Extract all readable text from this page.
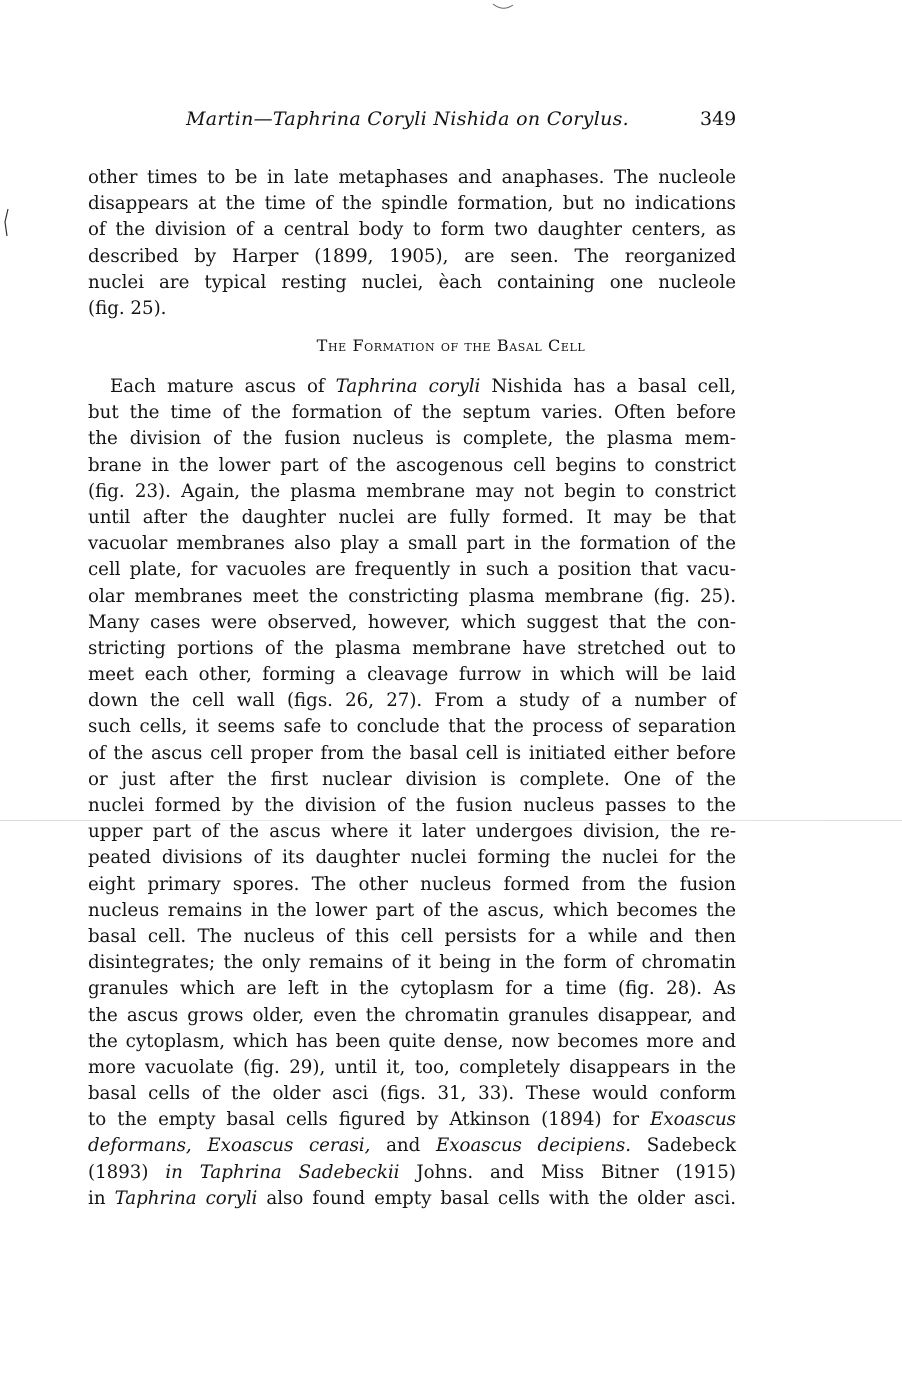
Martin—Taphrina Coryli Nishida on Corylus.	349
other times to be in late metaphases and anaphases. The nucleole
disappears at the time of the spindle formation, but no indications
of the division of a central body to form two daughter centers, as
described by Harper (1899, 1905), are seen. The reorganized
nuclei are typical resting nuclei, èach containing one nucleole
(fig. 25).
The Formation of the Basal Cell
Each mature ascus of Taphrina coryli Nishida has a basal cell,
but the time of the formation of the septum varies. Often before
the division of the fusion nucleus is complete, the plasma mem-
brane in the lower part of the ascogenous cell begins to constrict
(fig. 23). Again, the plasma membrane may not begin to constrict
until after the daughter nuclei are fully formed. It may be that
vacuolar membranes also play a small part in the formation of the
cell plate, for vacuoles are frequently in such a position that vacu-
olar membranes meet the constricting plasma membrane (fig. 25).
Many cases were observed, however, which suggest that the con-
stricting portions of the plasma membrane have stretched out to
meet each other, forming a cleavage furrow in which will be laid
down the cell wall (figs. 26, 27). From a study of a number of
such cells, it seems safe to conclude that the process of separation
of the ascus cell proper from the basal cell is initiated either before
or just after the first nuclear division is complete. One of the
nuclei formed by the division of the fusion nucleus passes to the
upper part of the ascus where it later undergoes division, the re-
peated divisions of its daughter nuclei forming the nuclei for the
eight primary spores. The other nucleus formed from the fusion
nucleus remains in the lower part of the ascus, which becomes the
basal cell. The nucleus of this cell persists for a while and then
disintegrates; the only remains of it being in the form of chromatin
granules which are left in the cytoplasm for a time (fig. 28). As
the ascus grows older, even the chromatin granules disappear, and
the cytoplasm, which has been quite dense, now becomes more and
more vacuolate (fig. 29), until it, too, completely disappears in the
basal cells of the older asci (figs. 31, 33). These would conform
to the empty basal cells figured by Atkinson (1894) for Exoascus
deformans, Exoascus cerasi, and Exoascus decipiens. Sadebeck
(1893) in Taphrina Sadebeckii Johns. and Miss Bitner (1915)
in Taphrina coryli also found empty basal cells with the older asci.
